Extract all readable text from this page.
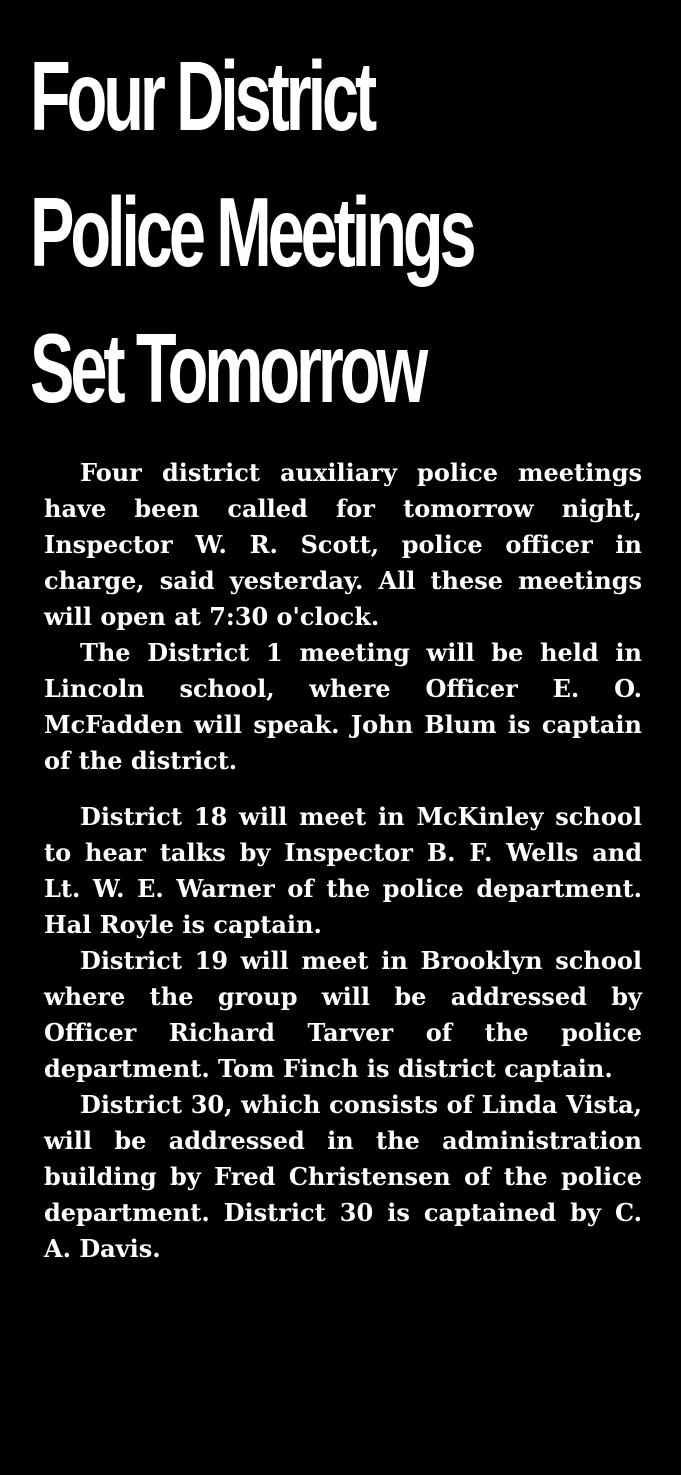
Four District
Police Meetings
Set Tomorrow

Four district auxiliary police meetings have been called for tomorrow night, Inspector W. R. Scott, police officer in charge, said yesterday. All these meetings will open at 7:30 o'clock.

The District 1 meeting will be held in Lincoln school, where Officer E. O. McFadden will speak. John Blum is captain of the district.

District 18 will meet in McKinley school to hear talks by Inspector B. F. Wells and Lt. W. E. Warner of the police department. Hal Royle is captain.

District 19 will meet in Brooklyn school where the group will be addressed by Officer Richard Tarver of the police department. Tom Finch is district captain.

District 30, which consists of Linda Vista, will be addressed in the administration building by Fred Christensen of the police department. District 30 is captained by C. A. Davis.
